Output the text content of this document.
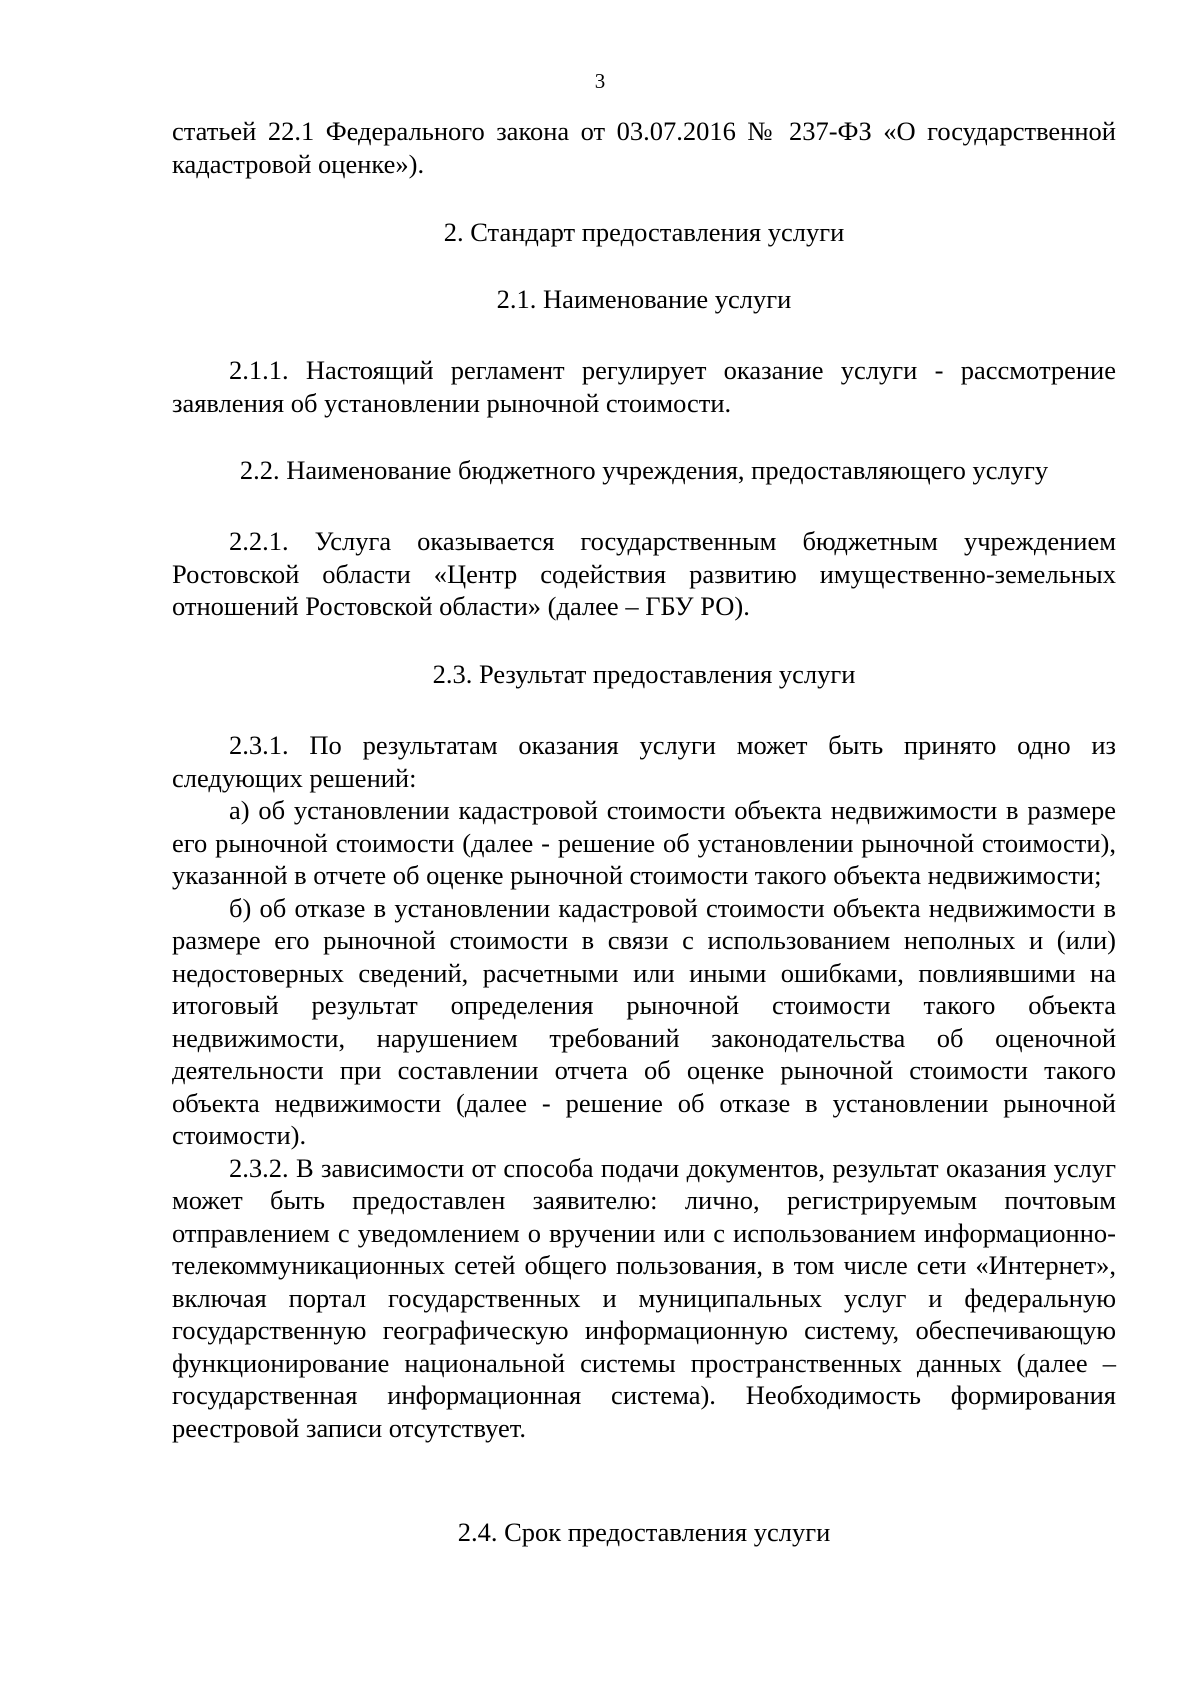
3

статьей 22.1 Федерального закона от 03.07.2016 № 237-ФЗ «О государственной кадастровой оценке»).

2. Стандарт предоставления услуги
2.1. Наименование услуги

2.1.1. Настоящий регламент регулирует оказание услуги - рассмотрение заявления об установлении рыночной стоимости.

2.2. Наименование бюджетного учреждения, предоставляющего услугу

2.2.1. Услуга оказывается государственным бюджетным учреждением Ростовской области «Центр содействия развитию имущественно-земельных отношений Ростовской области» (далее – ГБУ РО).

2.3. Результат предоставления услуги

2.3.1. По результатам оказания услуги может быть принято одно из следующих решений:

а) об установлении кадастровой стоимости объекта недвижимости в размере его рыночной стоимости (далее - решение об установлении рыночной стоимости), указанной в отчете об оценке рыночной стоимости такого объекта недвижимости;

б) об отказе в установлении кадастровой стоимости объекта недвижимости в размере его рыночной стоимости в связи с использованием неполных и (или) недостоверных сведений, расчетными или иными ошибками, повлиявшими на итоговый результат определения рыночной стоимости такого объекта недвижимости, нарушением требований законодательства об оценочной деятельности при составлении отчета об оценке рыночной стоимости такого объекта недвижимости (далее - решение об отказе в установлении рыночной стоимости).

2.3.2. В зависимости от способа подачи документов, результат оказания услуг может быть предоставлен заявителю: лично, регистрируемым почтовым отправлением с уведомлением о вручении или с использованием информационно-телекоммуникационных сетей общего пользования, в том числе сети «Интернет», включая портал государственных и муниципальных услуг и федеральную государственную географическую информационную систему, обеспечивающую функционирование национальной системы пространственных данных (далее – государственная информационная система). Необходимость формирования реестровой записи отсутствует.

2.4. Срок предоставления услуги
